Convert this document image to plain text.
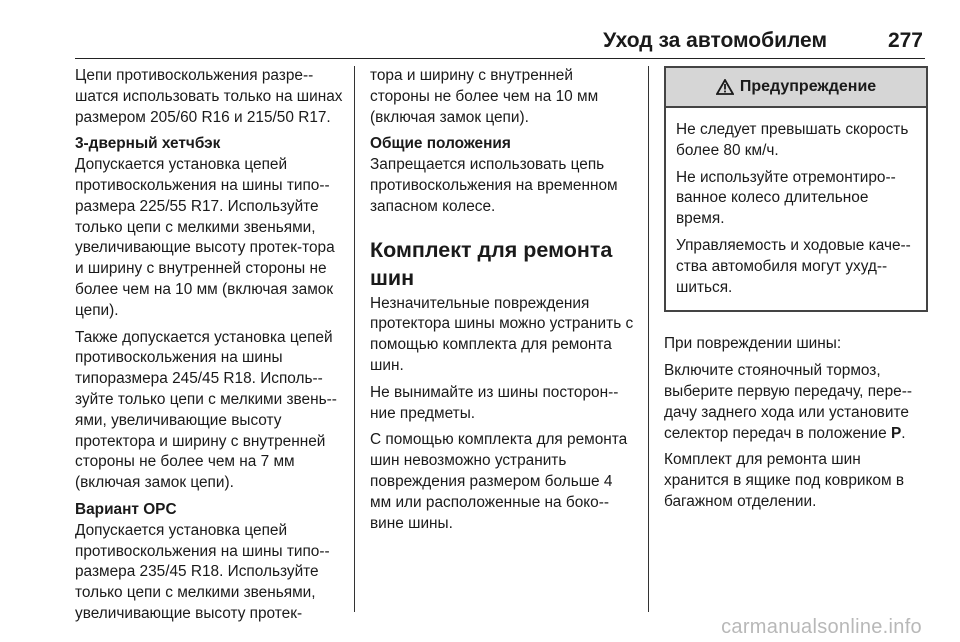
Уход за автомобилем	277

Цепи противоскольжения разре-шатся использовать только на шинах размером 205/60 R16 и 215/50 R17.

3-дверный хетчбэк

Допускается установка цепей противоскольжения на шины типо-размера 225/55 R17. Используйте только цепи с мелкими звеньями, увеличивающие высоту протек-тора и ширину с внутренней стороны не более чем на 10 мм (включая замок цепи).

Также допускается установка цепей противоскольжения на шины типоразмера 245/45 R18. Исполь-зуйте только цепи с мелкими звень-ями, увеличивающие высоту протектора и ширину с внутренней стороны не более чем на 7 мм (включая замок цепи).

Вариант OPC

Допускается установка цепей противоскольжения на шины типо-размера 235/45 R18. Используйте только цепи с мелкими звеньями, увеличивающие высоту протек-

тора и ширину с внутренней стороны не более чем на 10 мм (включая замок цепи).

Общие положения

Запрещается использовать цепь противоскольжения на временном запасном колесе.

Комплект для ремонта шин

Незначительные повреждения протектора шины можно устранить с помощью комплекта для ремонта шин.

Не вынимайте из шины посторон-ние предметы.

С помощью комплекта для ремонта шин невозможно устранить повреждения размером больше 4 мм или расположенные на боко-вине шины.

Предупреждение

Не следует превышать скорость более 80 км/ч.

Не используйте отремонтиро-ванное колесо длительное время.

Управляемость и ходовые каче-ства автомобиля могут ухуд-шиться.

При повреждении шины:

Включите стояночный тормоз, выберите первую передачу, пере-дачу заднего хода или установите селектор передач в положение P.

Комплект для ремонта шин хранится в ящике под ковриком в багажном отделении.

carmanualsonline.info
